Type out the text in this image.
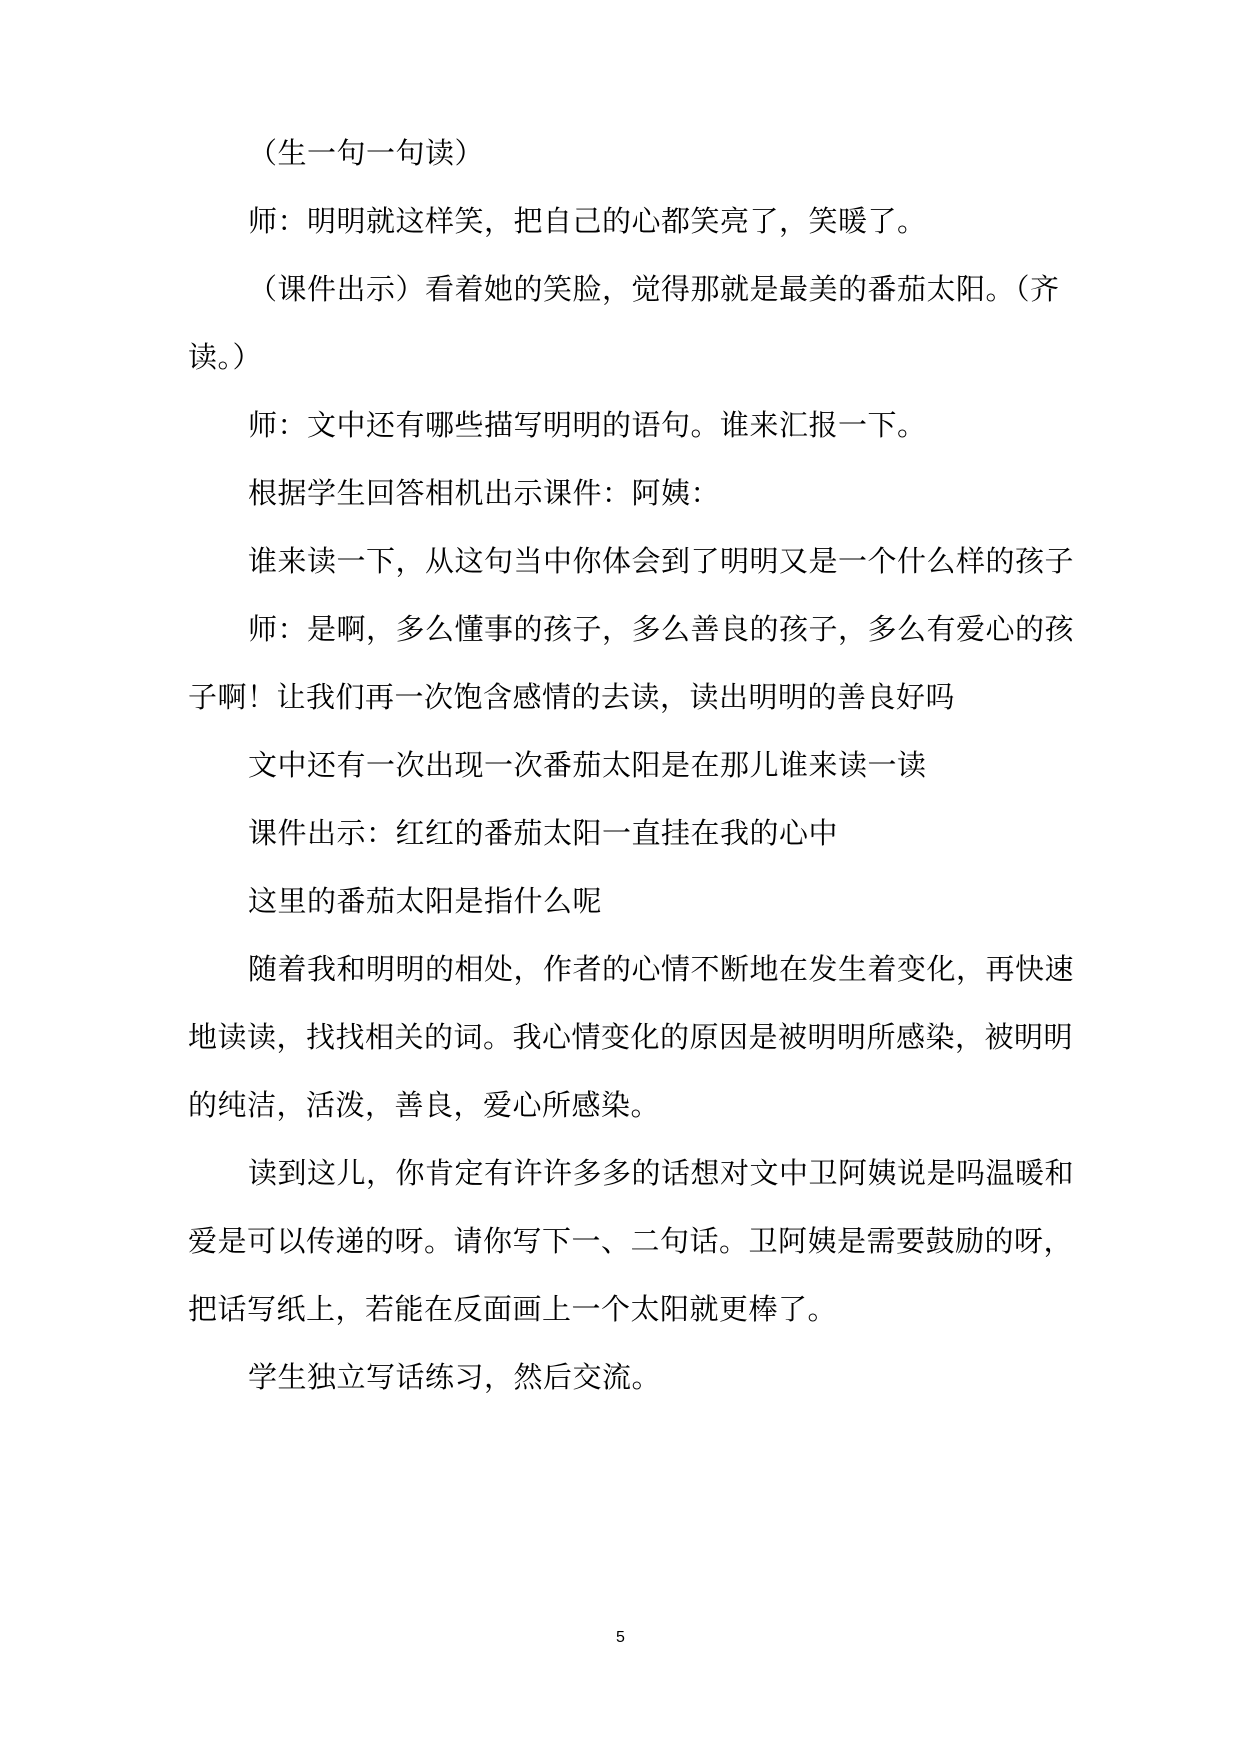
（生一句一句读）
师：明明就这样笑，把自己的心都笑亮了，笑暖了。
（课件出示）看着她的笑脸，觉得那就是最美的番茄太阳。（齐
读。）
师：文中还有哪些描写明明的语句。谁来汇报一下。
根据学生回答相机出示课件：阿姨：
谁来读一下，从这句当中你体会到了明明又是一个什么样的孩子
师：是啊，多么懂事的孩子，多么善良的孩子，多么有爱心的孩
子啊！让我们再一次饱含感情的去读，读出明明的善良好吗
文中还有一次出现一次番茄太阳是在那儿谁来读一读
课件出示：红红的番茄太阳一直挂在我的心中
这里的番茄太阳是指什么呢
随着我和明明的相处，作者的心情不断地在发生着变化，再快速
地读读，找找相关的词。我心情变化的原因是被明明所感染，被明明
的纯洁，活泼，善良，爱心所感染。
读到这儿，你肯定有许许多多的话想对文中卫阿姨说是吗温暖和
爱是可以传递的呀。请你写下一、二句话。卫阿姨是需要鼓励的呀，
把话写纸上，若能在反面画上一个太阳就更棒了。
学生独立写话练习，然后交流。
5
